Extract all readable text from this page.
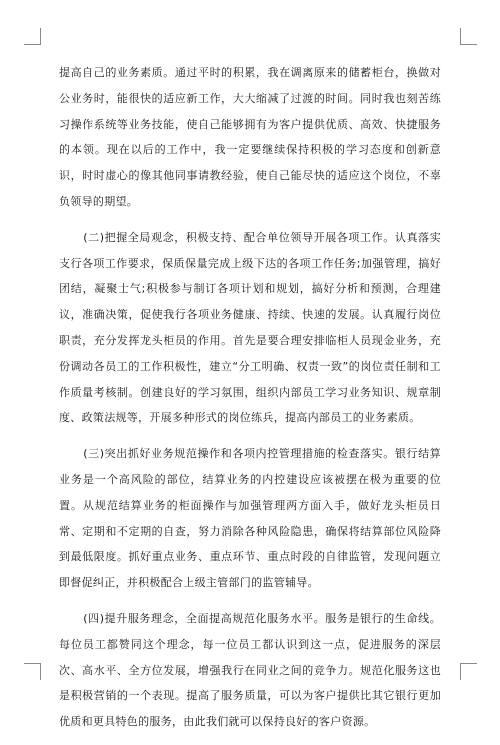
提高自己的业务素质。通过平时的积累，我在调离原来的储蓄柜台，换做对公业务时，能很快的适应新工作，大大缩减了过渡的时间。同时我也刻苦练习操作系统等业务技能，使自己能够拥有为客户提供优质、高效、快捷服务的本领。现在以后的工作中，我一定要继续保持积极的学习态度和创新意识，时时虚心的像其他同事请教经验，使自己能尽快的适应这个岗位，不辜负领导的期望。

(二)把握全局观念，积极支持、配合单位领导开展各项工作。认真落实支行各项工作要求，保质保量完成上级下达的各项工作任务;加强管理，搞好团结，凝聚士气;积极参与制订各项计划和规划，搞好分析和预测，合理建议，准确决策，促使我行各项业务健康、持续、快速的发展。认真履行岗位职责，充分发挥龙头柜员的作用。首先是要合理安排临柜人员现金业务，充份调动各员工的工作积极性，建立“分工明确、权责一致”的岗位责任制和工作质量考核制。创建良好的学习氛围，组织内部员工学习业务知识、规章制度、政策法规等，开展多种形式的岗位练兵，提高内部员工的业务素质。

(三)突出抓好业务规范操作和各项内控管理措施的检查落实。银行结算业务是一个高风险的部位，结算业务的内控建设应该被摆在极为重要的位置。从规范结算业务的柜面操作与加强管理两方面入手，做好龙头柜员日常、定期和不定期的自查，努力消除各种风险隐患，确保将结算部位风险降到最低限度。抓好重点业务、重点环节、重点时段的自律监管，发现问题立即督促纠正，并积极配合上级主管部门的监管辅导。

(四)提升服务理念，全面提高规范化服务水平。服务是银行的生命线。每位员工都赞同这个理念，每一位员工都认识到这一点，促进服务的深层次、高水平、全方位发展，增强我行在同业之间的竞争力。规范化服务这也是积极营销的一个表现。提高了服务质量，可以为客户提供比其它银行更加优质和更具特色的服务，由此我们就可以保持良好的客户资源。
